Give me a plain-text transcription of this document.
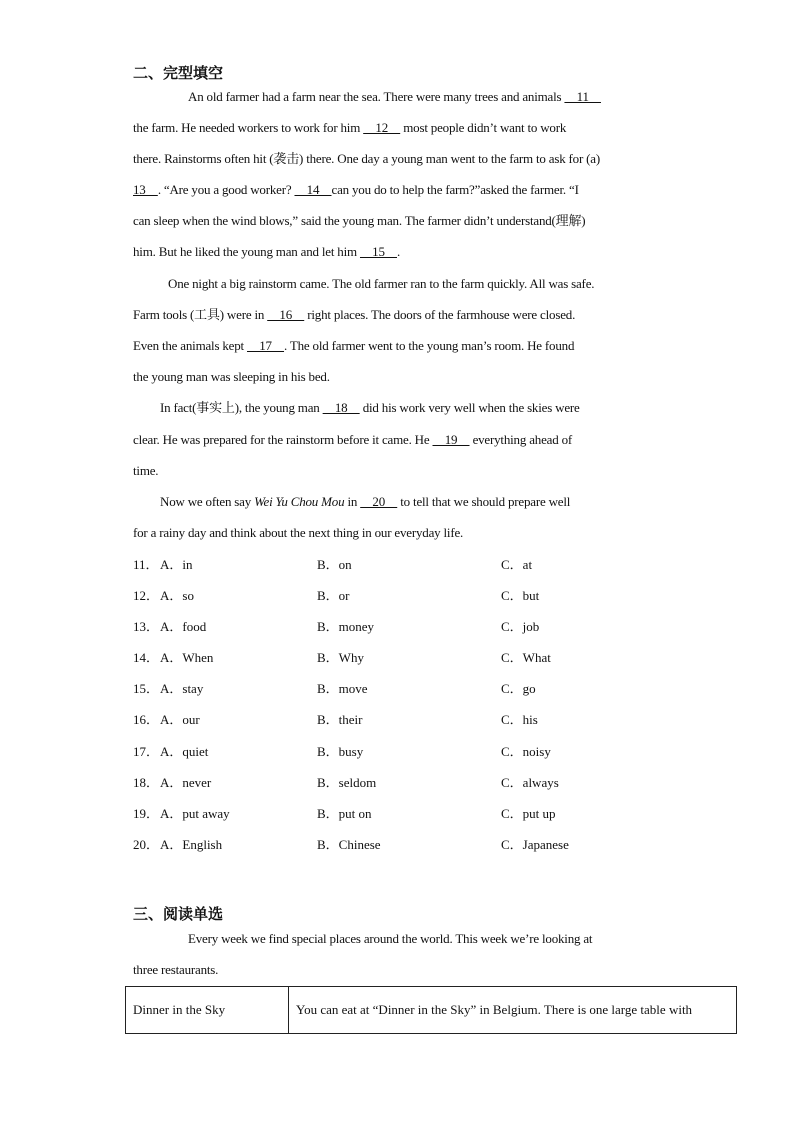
二、完型填空
An old farmer had a farm near the sea. There were many trees and animals     11
the farm. He needed workers to work for him     12     most people didn’t want to work
there. Rainstorms often hit (袭击) there. One day a young man went to the farm to ask for (a)
13    . “Are you a good worker?     14    can you do to help the farm?”asked the farmer. “I
can sleep when the wind blows,” said the young man. The farmer didn’t understand(理解)
him. But he liked the young man and let him     15    .
One night a big rainstorm came. The old farmer ran to the farm quickly. All was safe.
Farm tools (工具) were in     16     right places. The doors of the farmhouse were closed.
Even the animals kept     17    . The old farmer went to the young man’s room. He found
the young man was sleeping in his bed.
In fact(事实上), the young man     18     did his work very well when the skies were
clear. He was prepared for the rainstorm before it came. He     19     everything ahead of
time.
Now we often say Wei Yu Chou Mou in     20     to tell that we should prepare well
for a rainy day and think about the next thing in our everyday life.
11． A．in	B．on	C．at
12． A．so	B．or	C．but
13． A．food	B．money	C．job
14． A．When	B．Why	C．What
15． A．stay	B．move	C．go
16． A．our	B．their	C．his
17． A．quiet	B．busy	C．noisy
18． A．never	B．seldom	C．always
19． A．put away	B．put on	C．put up
20． A．English	B．Chinese	C．Japanese
三、阅读单选
Every week we find special places around the world. This week we’re looking at
three restaurants.
Dinner in the Sky	You can eat at “Dinner in the Sky” in Belgium. There is one large table with
